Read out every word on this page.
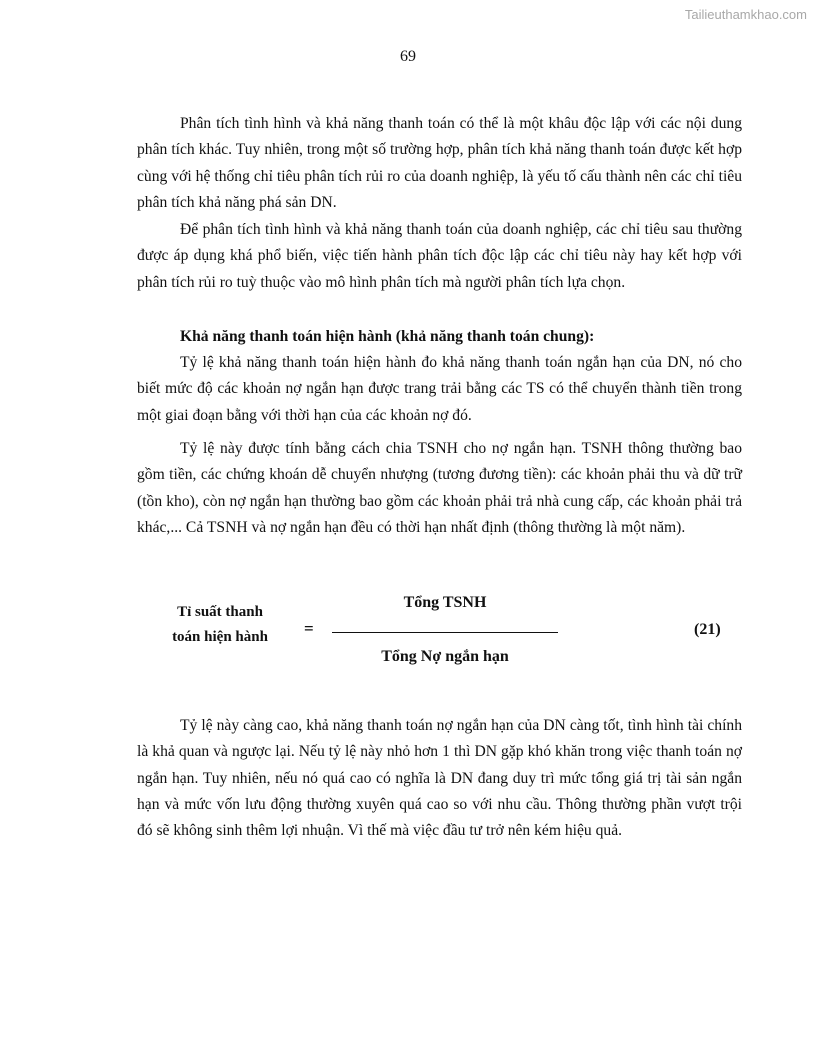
Tailieuthamkhao.com
69

Phân tích tình hình và khả năng thanh toán có thể là một khâu độc lập với các nội dung phân tích khác. Tuy nhiên, trong một số trường hợp, phân tích khả năng thanh toán được kết hợp cùng với hệ thống chỉ tiêu phân tích rủi ro của doanh nghiệp, là yếu tố cấu thành nên các chỉ tiêu phân tích khả năng phá sản DN.

Để phân tích tình hình và khả năng thanh toán của doanh nghiệp, các chỉ tiêu sau thường được áp dụng khá phổ biến, việc tiến hành phân tích độc lập các chỉ tiêu này hay kết hợp với phân tích rủi ro tuỳ thuộc vào mô hình phân tích mà người phân tích lựa chọn.

Khả năng thanh toán hiện hành (khả năng thanh toán chung):

Tỷ lệ khả năng thanh toán hiện hành đo khả năng thanh toán ngắn hạn của DN, nó cho biết mức độ các khoản nợ ngắn hạn được trang trải bằng các TS có thể chuyển thành tiền trong một giai đoạn bằng với thời hạn của các khoản nợ đó.

Tỷ lệ này được tính bằng cách chia TSNH cho nợ ngắn hạn. TSNH thông thường bao gồm tiền, các chứng khoán dễ chuyển nhượng (tương đương tiền): các khoản phải thu và dữ trữ (tồn kho), còn nợ ngắn hạn thường bao gồm các khoản phải trả nhà cung cấp, các khoản phải trả khác,... Cả TSNH và nợ ngắn hạn đều có thời hạn nhất định (thông thường là một năm).

Tỉ suất thanh
toán hiện hành	=
Tổng TSNH
Tổng Nợ ngắn hạn
(21)

Tỷ lệ này càng cao, khả năng thanh toán nợ ngắn hạn của DN càng tốt, tình hình tài chính là khả quan và ngược lại. Nếu tỷ lệ này nhỏ hơn 1 thì DN gặp khó khăn trong việc thanh toán nợ ngắn hạn. Tuy nhiên, nếu nó quá cao có nghĩa là DN đang duy trì mức tổng giá trị tài sản ngắn hạn và mức vốn lưu động thường xuyên quá cao so với nhu cầu. Thông thường phần vượt trội đó sẽ không sinh thêm lợi nhuận. Vì thế mà việc đầu tư trở nên kém hiệu quả.
